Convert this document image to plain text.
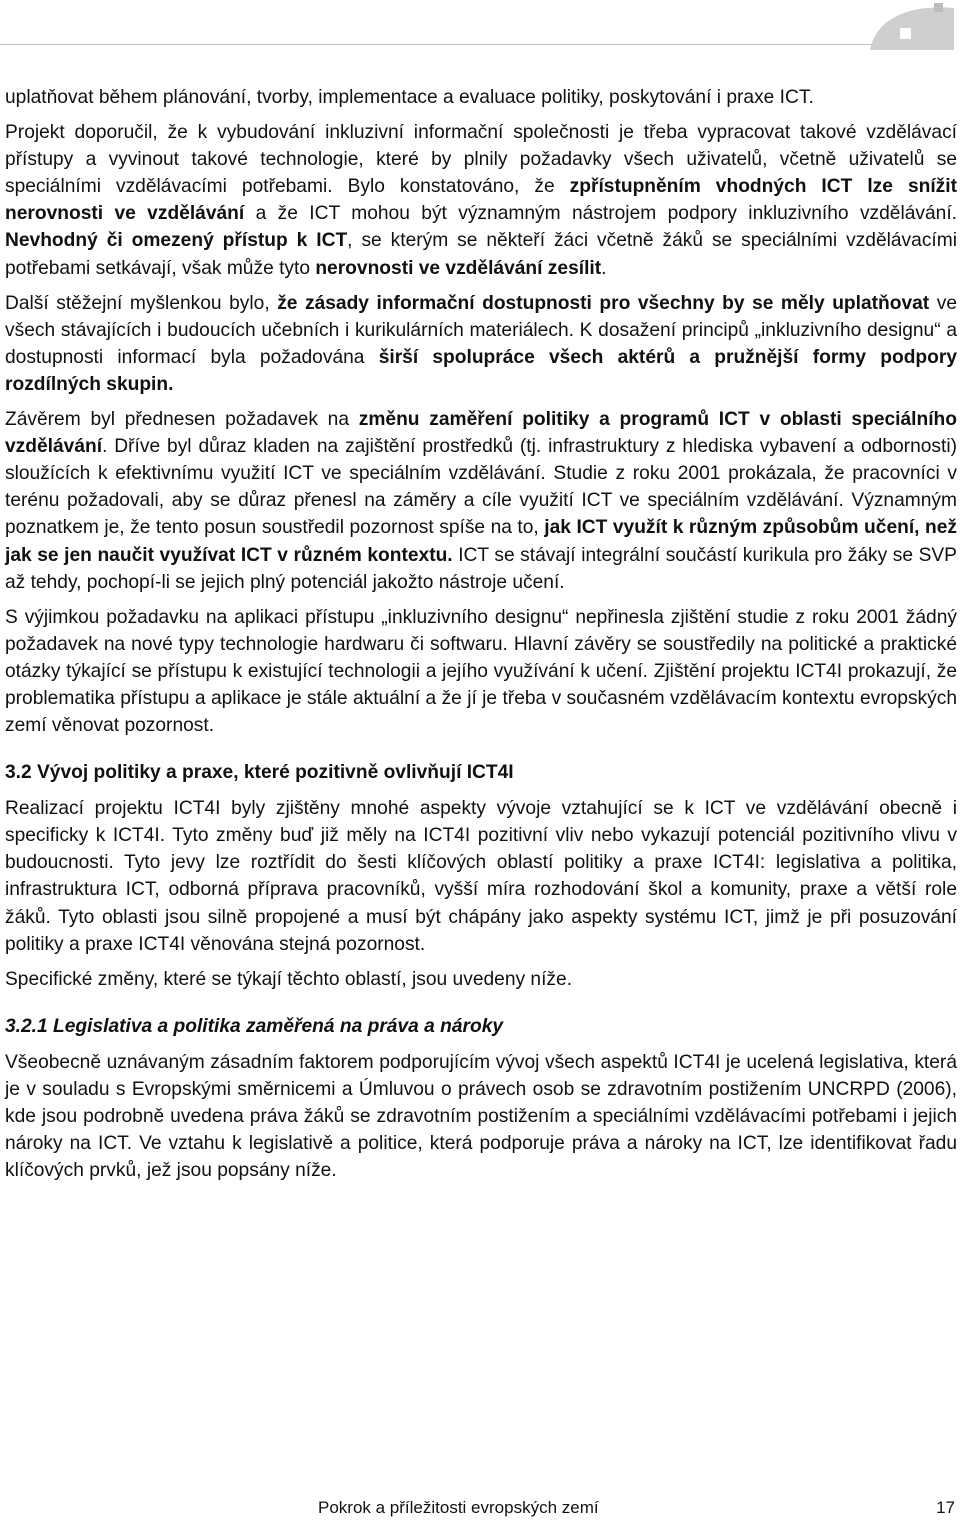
uplatňovat během plánování, tvorby, implementace a evaluace politiky, poskytování i praxe ICT.

Projekt doporučil, že k vybudování inkluzivní informační společnosti je třeba vypracovat takové vzdělávací přístupy a vyvinout takové technologie, které by plnily požadavky všech uživatelů, včetně uživatelů se speciálními vzdělávacími potřebami. Bylo konstatováno, že zpřístupněním vhodných ICT lze snížit nerovnosti ve vzdělávání a že ICT mohou být významným nástrojem podpory inkluzivního vzdělávání. Nevhodný či omezený přístup k ICT, se kterým se někteří žáci včetně žáků se speciálními vzdělávacími potřebami setkávají, však může tyto nerovnosti ve vzdělávání zesílit.

Další stěžejní myšlenkou bylo, že zásady informační dostupnosti pro všechny by se měly uplatňovat ve všech stávajících i budoucích učebních i kurikulárních materiálech. K dosažení principů „inkluzivního designu“ a dostupnosti informací byla požadována širší spolupráce všech aktérů a pružnější formy podpory rozdílných skupin.

Závěrem byl přednesen požadavek na změnu zaměření politiky a programů ICT v oblasti speciálního vzdělávání. Dříve byl důraz kladen na zajištění prostředků (tj. infrastruktury z hlediska vybavení a odbornosti) sloužících k efektivnímu využití ICT ve speciálním vzdělávání. Studie z roku 2001 prokázala, že pracovníci v terénu požadovali, aby se důraz přenesl na záměry a cíle využití ICT ve speciálním vzdělávání. Významným poznatkem je, že tento posun soustředil pozornost spíše na to, jak ICT využít k různým způsobům učení, než jak se jen naučit využívat ICT v různém kontextu. ICT se stávají integrální součástí kurikula pro žáky se SVP až tehdy, pochopí-li se jejich plný potenciál jakožto nástroje učení.

S výjimkou požadavku na aplikaci přístupu „inkluzivního designu“ nepřinesla zjištění studie z roku 2001 žádný požadavek na nové typy technologie hardwaru či softwaru. Hlavní závěry se soustředily na politické a praktické otázky týkající se přístupu k existující technologii a jejího využívání k učení. Zjištění projektu ICT4I prokazují, že problematika přístupu a aplikace je stále aktuální a že jí je třeba v současném vzdělávacím kontextu evropských zemí věnovat pozornost.

3.2 Vývoj politiky a praxe, které pozitivně ovlivňují ICT4I

Realizací projektu ICT4I byly zjištěny mnohé aspekty vývoje vztahující se k ICT ve vzdělávání obecně i specificky k ICT4I. Tyto změny buď již měly na ICT4I pozitivní vliv nebo vykazují potenciál pozitivního vlivu v budoucnosti. Tyto jevy lze roztřídit do šesti klíčových oblastí politiky a praxe ICT4I: legislativa a politika, infrastruktura ICT, odborná příprava pracovníků, vyšší míra rozhodování škol a komunity, praxe a větší role žáků. Tyto oblasti jsou silně propojené a musí být chápány jako aspekty systému ICT, jimž je při posuzování politiky a praxe ICT4I věnována stejná pozornost.

Specifické změny, které se týkají těchto oblastí, jsou uvedeny níže.

3.2.1 Legislativa a politika zaměřená na práva a nároky

Všeobecně uznávaným zásadním faktorem podporujícím vývoj všech aspektů ICT4I je ucelená legislativa, která je v souladu s Evropskými směrnicemi a Úmluvou o právech osob se zdravotním postižením UNCRPD (2006), kde jsou podrobně uvedena práva žáků se zdravotním postižením a speciálními vzdělávacími potřebami i jejich nároky na ICT. Ve vztahu k legislativě a politice, která podporuje práva a nároky na ICT, lze identifikovat řadu klíčových prvků, jež jsou popsány níže.

Pokrok a příležitosti evropských zemí	17
